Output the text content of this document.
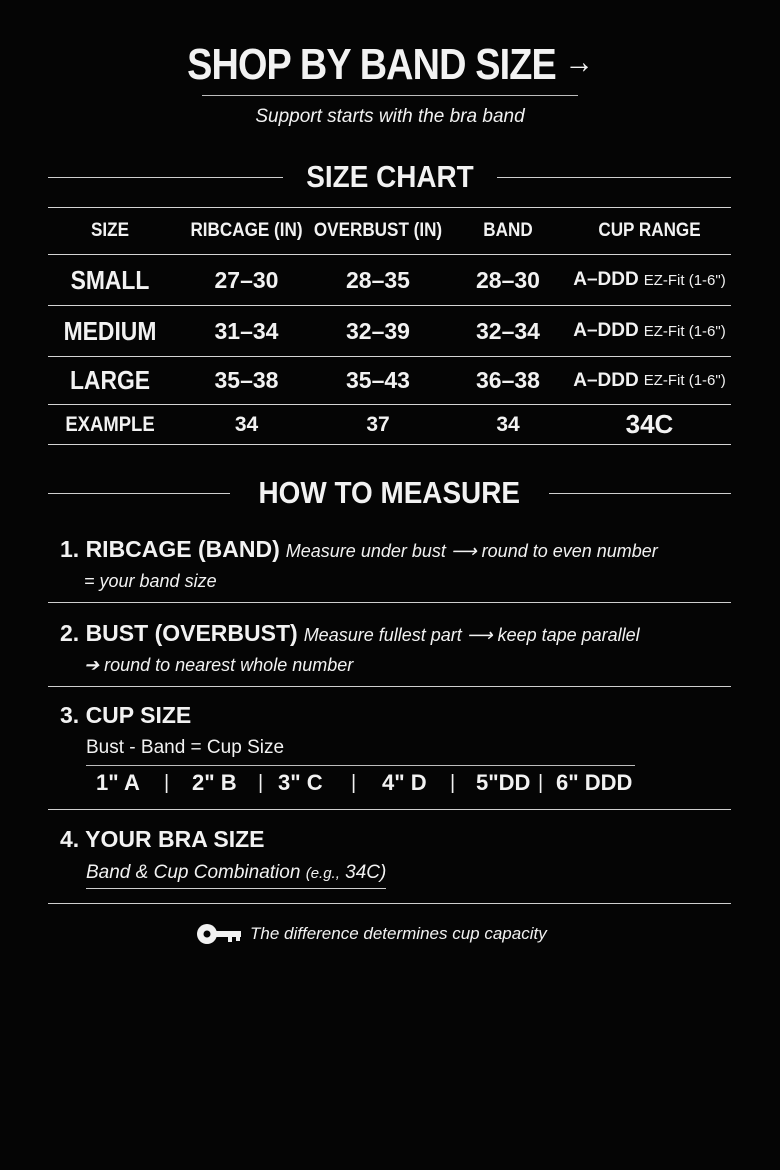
SHOP BY BAND SIZE →
Support starts with the bra band
SIZE CHART
SIZE	RIBCAGE (IN) OVERBUST (IN)	BAND	CUP RANGE
SMALL	27–30	28–35	28–30	A–DDD EZ-Fit (1-6")
MEDIUM	31–34	32–39	32–34	A–DDD EZ-Fit (1-6")
LARGE	35–38	35–43	36–38	A–DDD EZ-Fit (1-6")
EXAMPLE	34	37	34	34C
HOW TO MEASURE
1. RIBCAGE (BAND) Measure under bust ⟶ round to even number
= your band size
2. BUST (OVERBUST) Measure fullest part ⟶ keep tape parallel
➔ round to nearest whole number
3. CUP SIZE
Bust - Band = Cup Size
1" A | 2" B | 3" C | 4" D | 5"DD | 6" DDD
4. YOUR BRA SIZE
Band & Cup Combination (e.g., 34C)
The difference determines cup capacity
